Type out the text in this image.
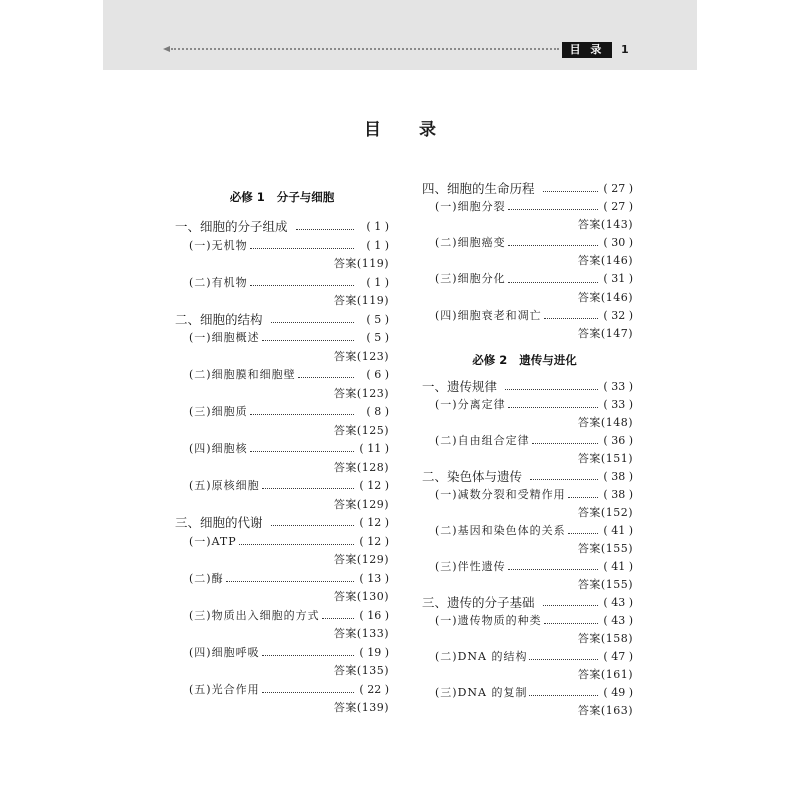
目 录	1
目 录
必修 1   分子与细胞
一、细胞的分子组成	( 1 )
(一)无机物	( 1 )
答案(119)
(二)有机物	( 1 )
答案(119)
二、细胞的结构	( 5 )
(一)细胞概述	( 5 )
答案(123)
(二)细胞膜和细胞壁	( 6 )
答案(123)
(三)细胞质	( 8 )
答案(125)
(四)细胞核	( 11 )
答案(128)
(五)原核细胞	( 12 )
答案(129)
三、细胞的代谢	( 12 )
(一)ATP	( 12 )
答案(129)
(二)酶	( 13 )
答案(130)
(三)物质出入细胞的方式	( 16 )
答案(133)
(四)细胞呼吸	( 19 )
答案(135)
(五)光合作用	( 22 )
答案(139)
四、细胞的生命历程	( 27 )
(一)细胞分裂	( 27 )
答案(143)
(二)细胞癌变	( 30 )
答案(146)
(三)细胞分化	( 31 )
答案(146)
(四)细胞衰老和凋亡	( 32 )
答案(147)
必修 2   遗传与进化
一、遗传规律	( 33 )
(一)分离定律	( 33 )
答案(148)
(二)自由组合定律	( 36 )
答案(151)
二、染色体与遗传	( 38 )
(一)减数分裂和受精作用	( 38 )
答案(152)
(二)基因和染色体的关系	( 41 )
答案(155)
(三)伴性遗传	( 41 )
答案(155)
三、遗传的分子基础	( 43 )
(一)遗传物质的种类	( 43 )
答案(158)
(二)DNA 的结构	( 47 )
答案(161)
(三)DNA 的复制	( 49 )
答案(163)
